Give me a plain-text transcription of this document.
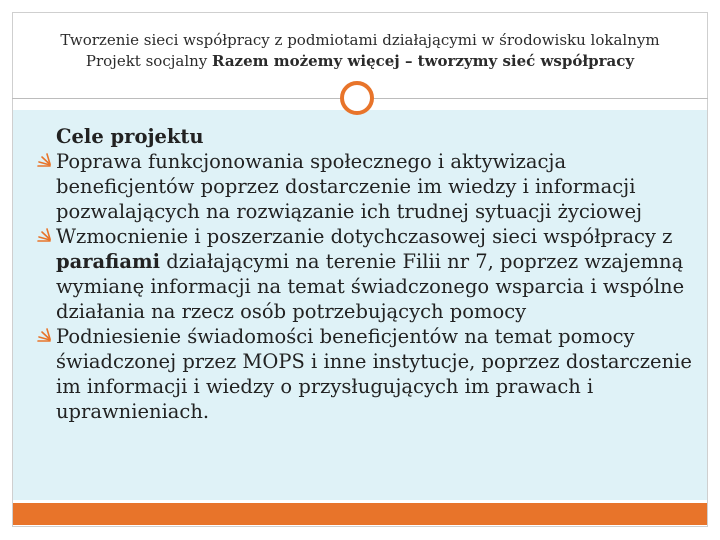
Tworzenie sieci współpracy z podmiotami działającymi w środowisku lokalnym
Projekt socjalny Razem możemy więcej – tworzymy sieć współpracy
Cele projektu
Poprawa funkcjonowania społecznego i aktywizacja beneficjentów poprzez dostarczenie im wiedzy i informacji pozwalających na rozwiązanie ich trudnej sytuacji życiowej
Wzmocnienie i poszerzanie dotychczasowej sieci współpracy z parafiami działającymi na terenie Filii nr 7, poprzez wzajemną wymianę informacji na temat świadczonego wsparcia i wspólne działania na rzecz osób potrzebujących pomocy
Podniesienie świadomości beneficjentów na temat pomocy świadczonej przez MOPS i inne instytucje, poprzez dostarczenie im informacji i wiedzy o przysługujących im prawach i uprawnieniach.
